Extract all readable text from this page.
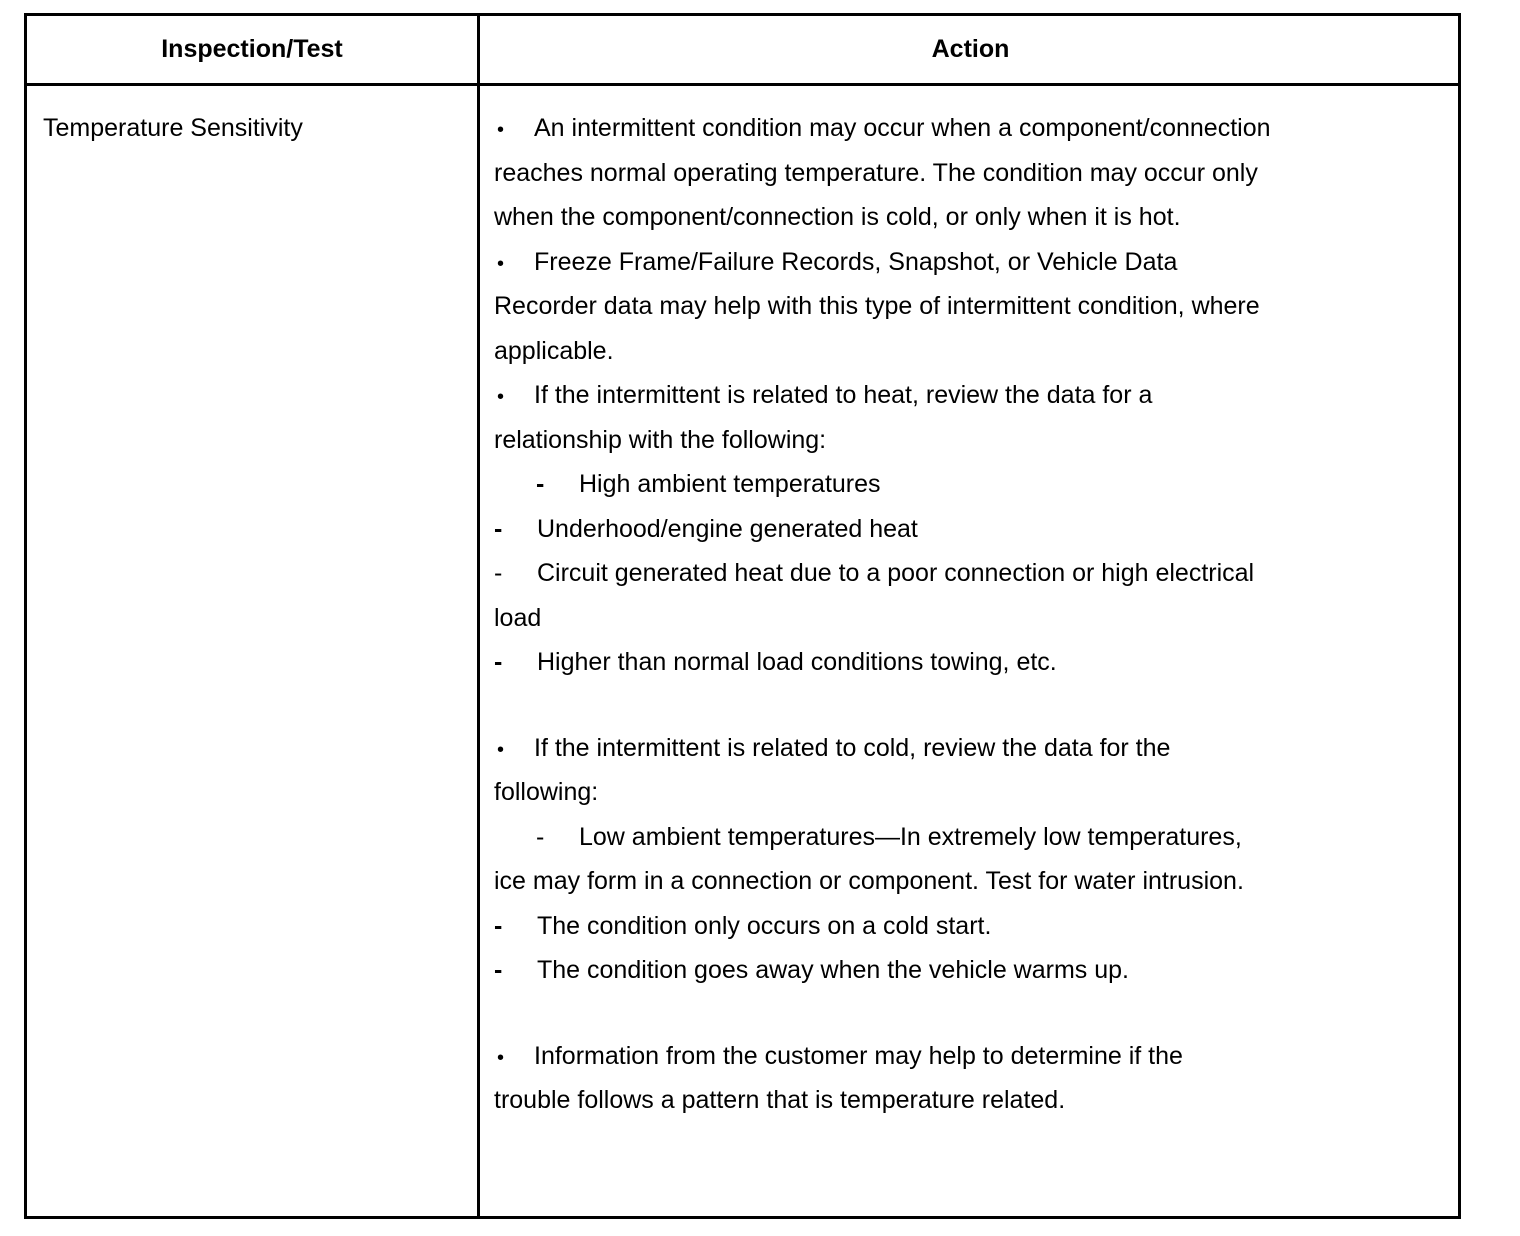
Inspection/Test	Action
Temperature Sensitivity	• An intermittent condition may occur when a component/connection
reaches normal operating temperature. The condition may occur only
when the component/connection is cold, or only when it is hot.
• Freeze Frame/Failure Records, Snapshot, or Vehicle Data
Recorder data may help with this type of intermittent condition, where
applicable.
• If the intermittent is related to heat, review the data for a
relationship with the following:
- High ambient temperatures
- Underhood/engine generated heat
- Circuit generated heat due to a poor connection or high electrical
load
- Higher than normal load conditions towing, etc.
• If the intermittent is related to cold, review the data for the
following:
- Low ambient temperatures—In extremely low temperatures,
ice may form in a connection or component. Test for water intrusion.
- The condition only occurs on a cold start.
- The condition goes away when the vehicle warms up.
• Information from the customer may help to determine if the
trouble follows a pattern that is temperature related.
